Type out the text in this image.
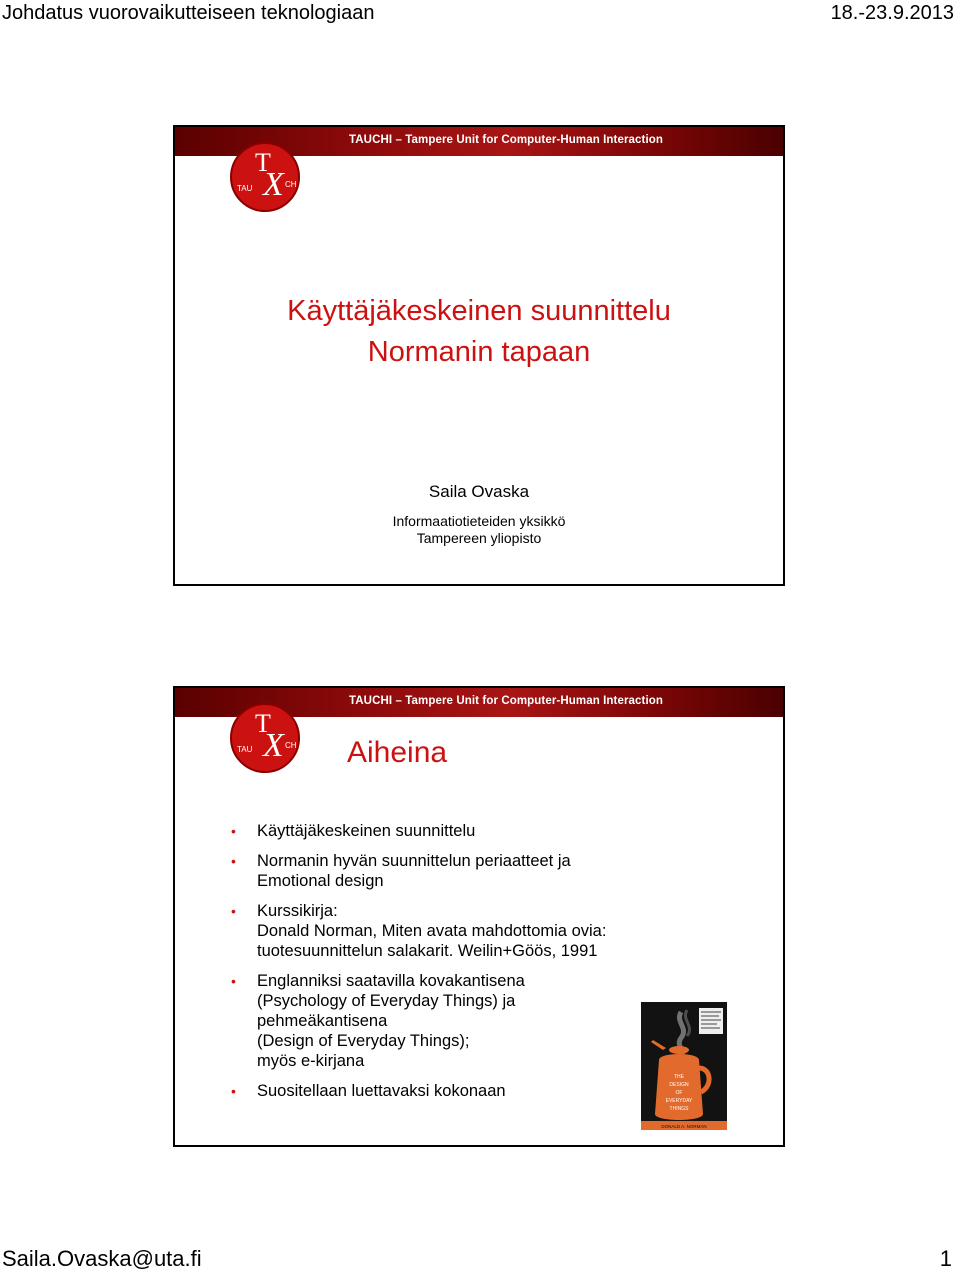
Johdatus vuorovaikutteiseen teknologiaan	18.-23.9.2013
TAUCHI – Tampere Unit for Computer-Human Interaction
T
X
TAU	CH
Käyttäjäkeskeinen suunnittelu
Normanin tapaan
Saila Ovaska
Informaatiotieteiden yksikkö
Tampereen yliopisto
TAUCHI – Tampere Unit for Computer-Human Interaction
T
X
TAU	CH Aiheina
• Käyttäjäkeskeinen suunnittelu
• Normanin hyvän suunnittelun periaatteet ja
Emotional design
• Kurssikirja:
Donald Norman, Miten avata mahdottomia ovia:
tuotesuunnittelun salakarit. Weilin+Göös, 1991
• Englanniksi saatavilla kovakantisena
(Psychology of Everyday Things) ja
pehmeäkantisena
(Design of Everyday Things);
myös e-kirjana
• Suositellaan luettavaksi kokonaan
THE
DESIGN
OF
EVERYDAY
THINGS
DONALD A. NORMAN
Saila.Ovaska@uta.fi	1
